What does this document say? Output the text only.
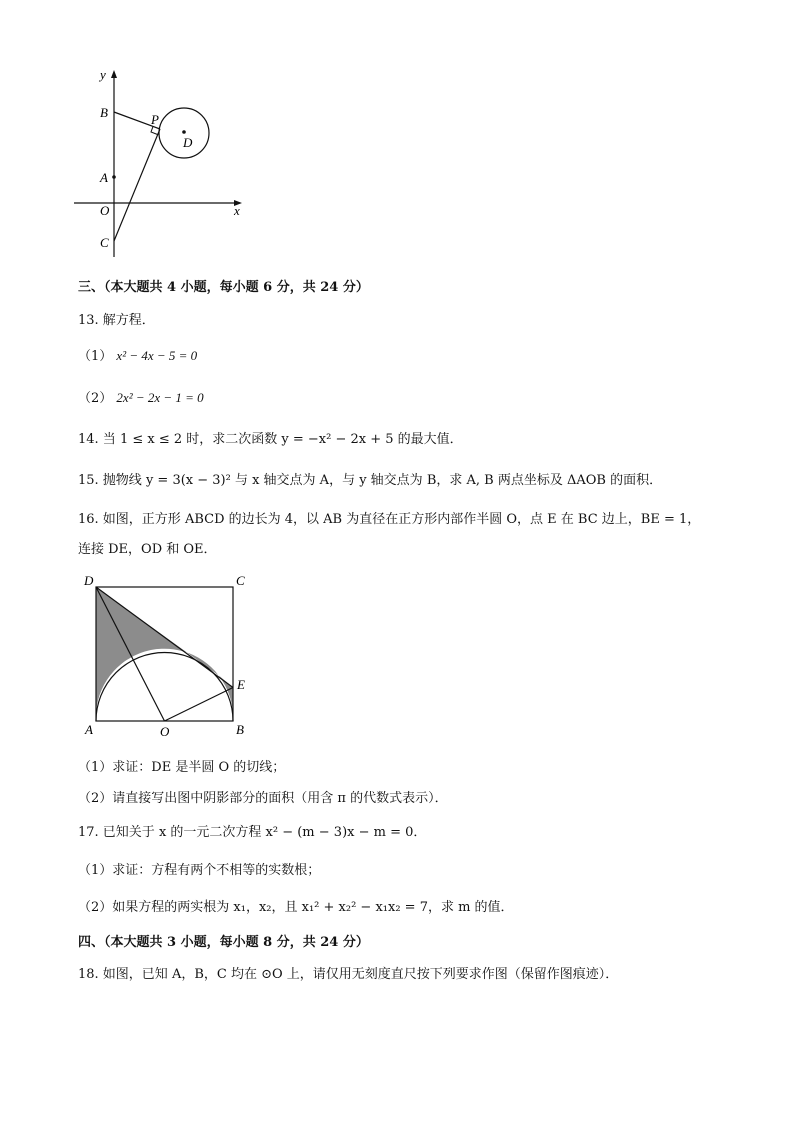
y
x
B
A
O
C
P
D
三、（本大题共 4 小题，每小题 6 分，共 24 分）
13. 解方程．
（1） x² − 4x − 5 = 0
（2） 2x² − 2x − 1 = 0
14. 当 1 ≤ x ≤ 2 时，求二次函数 y = −x² − 2x + 5 的最大值．
15. 抛物线 y = 3(x − 3)² 与 x 轴交点为 A，与 y 轴交点为 B，求 A, B 两点坐标及 ΔAOB 的面积．
16. 如图，正方形 ABCD 的边长为 4，以 AB 为直径在正方形内部作半圆 O，点 E 在 BC 边上，BE = 1，
连接 DE，OD 和 OE．
D	C
E
A	O	B
（1）求证：DE 是半圆 O 的切线；
（2）请直接写出图中阴影部分的面积（用含 π 的代数式表示）．
17. 已知关于 x 的一元二次方程 x² − (m − 3)x − m = 0．
（1）求证：方程有两个不相等的实数根；
（2）如果方程的两实根为 x₁，x₂，且 x₁² + x₂² − x₁x₂ = 7，求 m 的值．
四、（本大题共 3 小题，每小题 8 分，共 24 分）
18. 如图，已知 A，B，C 均在 ⊙O 上，请仅用无刻度直尺按下列要求作图（保留作图痕迹）．
